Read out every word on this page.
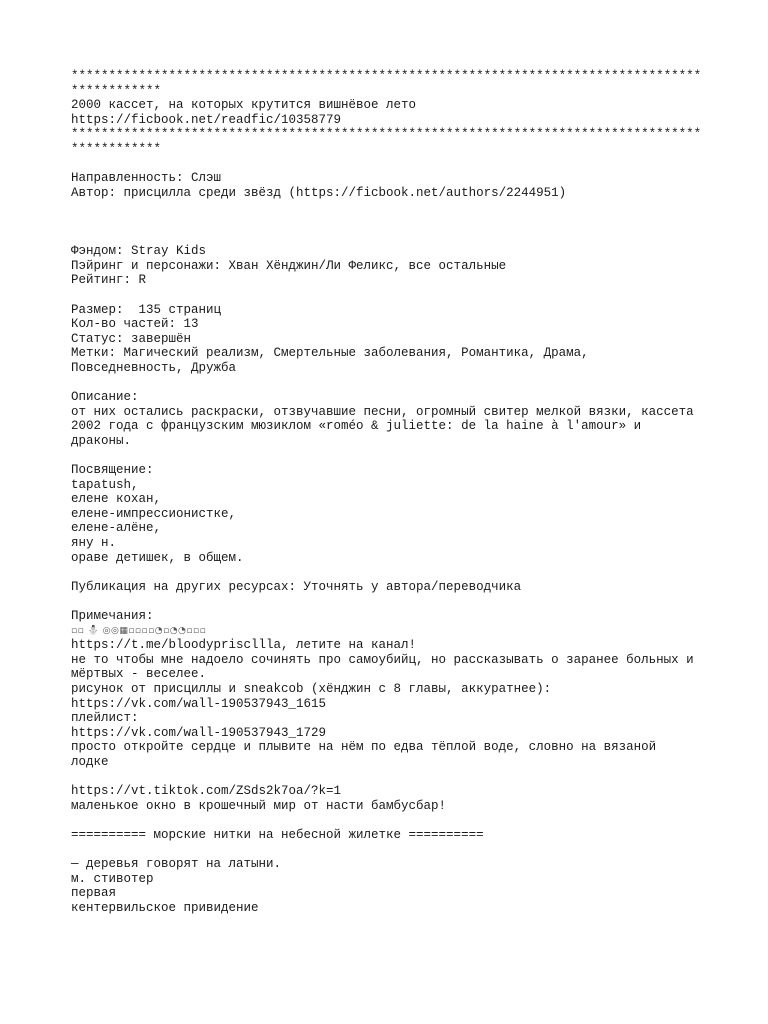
************************************************************************************
************
2000 кассет, на которых крутится вишнёвое лето
https://ficbook.net/readfic/10358779
************************************************************************************
************
Направленность: Слэш
Автор: присцилла среди звёзд (https://ficbook.net/authors/2244951)
Фэндом: Stray Kids
Пэйринг и персонажи: Хван Хёнджин/Ли Феликс, все остальные
Рейтинг: R
Размер:  135 страниц
Кол-во частей: 13
Статус: завершён
Метки: Магический реализм, Смертельные заболевания, Романтика, Драма,
Повседневность, Дружба
Описание:
от них остались раскраски, отзвучавшие песни, огромный свитер мелкой вязки, кассета
2002 года с французским мюзиклом «roméo & juliette: de la haine à l'amour» и
драконы.
Посвящение:
tapatush,
елене кохан,
елене-импрессионистке,
елене-алёне,
яну н.
ораве детишек, в общем.
Публикация на других ресурсах: Уточнять у автора/переводчика
Примечания:
▫▫ ⛄ ◎◎▦▫▫▫▫◔▫◔◔▫▫▫
https://t.me/bloodypriscllla, летите на канал!
не то чтобы мне надоело сочинять про самоубийц, но рассказывать о заранее больных и
мёртвых - веселее.
рисунок от присциллы и sneakcob (хёнджин с 8 главы, аккуратнее):
https://vk.com/wall-190537943_1615
плейлист:
https://vk.com/wall-190537943_1729
просто откройте сердце и плывите на нём по едва тёплой воде, словно на вязаной
лодке
https://vt.tiktok.com/ZSds2k7oa/?k=1
маленькое окно в крошечный мир от насти бамбусбар!
========== морские нитки на небесной жилетке ==========
— деревья говорят на латыни.
м. стивотер
первая
кентервильское привидение
